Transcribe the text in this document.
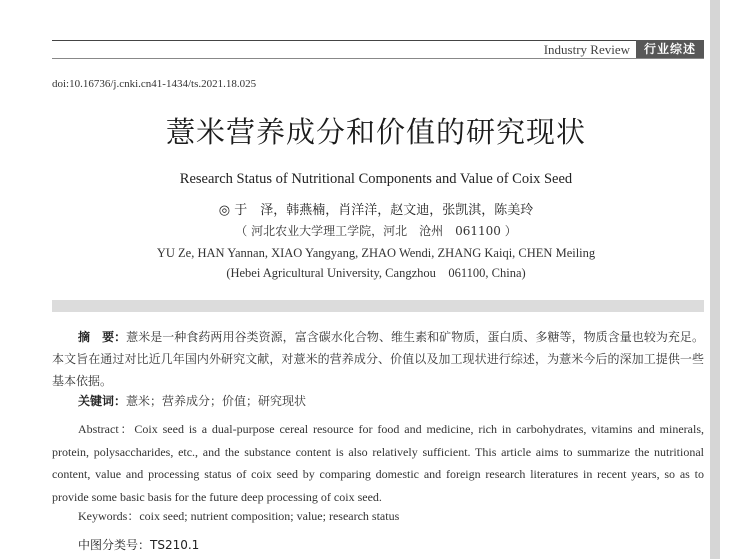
Industry Review	行业综述
doi:10.16736/j.cnki.cn41-1434/ts.2021.18.025
薏米营养成分和价值的研究现状
Research Status of Nutritional Components and Value of Coix Seed
◎ 于　泽，韩燕楠，肖洋洋，赵文迪，张凯淇，陈美玲
（ 河北农业大学理工学院，河北　沧州　061100 ）
YU Ze, HAN Yannan, XIAO Yangyang, ZHAO Wendi, ZHANG Kaiqi, CHEN Meiling
(Hebei Agricultural University, Cangzhou　061100, China)
摘　要：薏米是一种食药两用谷类资源，富含碳水化合物、维生素和矿物质，蛋白质、多糖等，物质含量也较为充足。本文旨在通过对比近几年国内外研究文献，对薏米的营养成分、价值以及加工现状进行综述，为薏米今后的深加工提供一些基本依据。
关键词：薏米；营养成分；价值；研究现状
Abstract：Coix seed is a dual-purpose cereal resource for food and medicine, rich in carbohydrates, vitamins and minerals, protein, polysaccharides, etc., and the substance content is also relatively sufficient. This article aims to summarize the nutritional content, value and processing status of coix seed by comparing domestic and foreign research literatures in recent years, so as to provide some basic basis for the future deep processing of coix seed.
Keywords：coix seed; nutrient composition; value; research status
中图分类号：TS210.1
